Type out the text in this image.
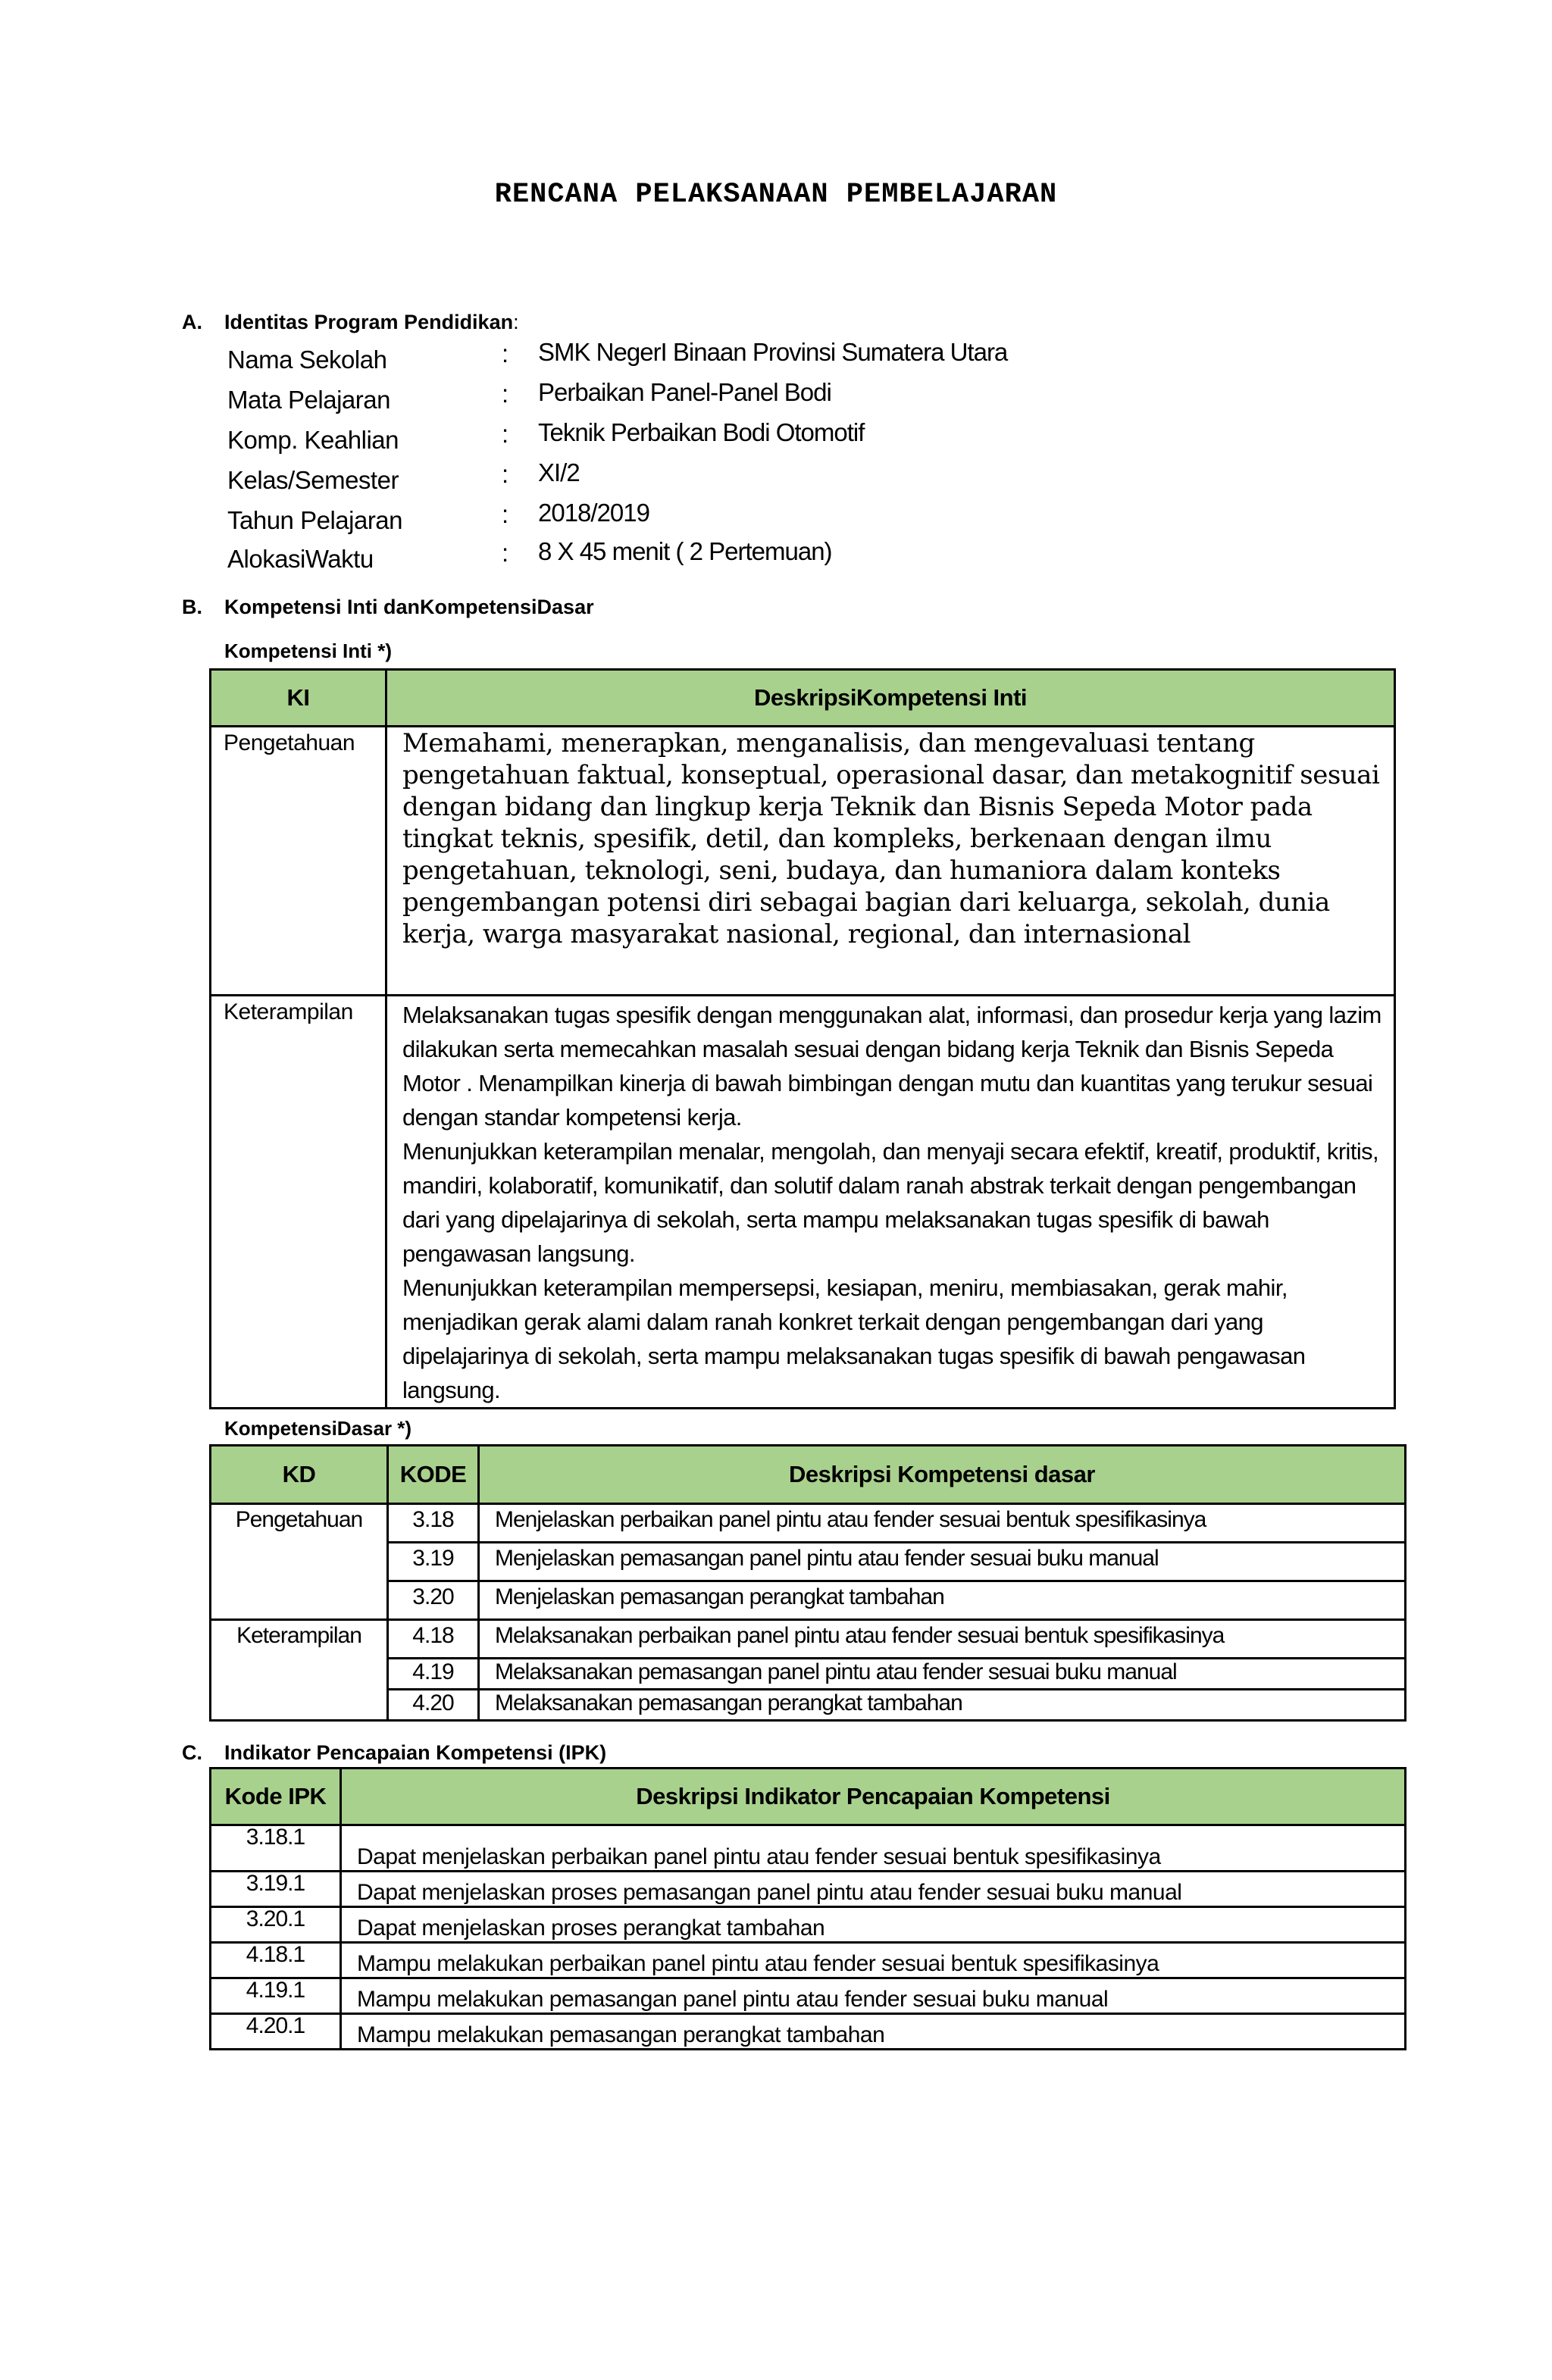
RENCANA PELAKSANAAN PEMBELAJARAN
A. Identitas Program Pendidikan:
Nama Sekolah	: SMK NegerI Binaan Provinsi Sumatera Utara
Mata Pelajaran	: Perbaikan Panel-Panel Bodi
Komp. Keahlian	: Teknik Perbaikan Bodi Otomotif
Kelas/Semester	: XI/2
Tahun Pelajaran	: 2018/2019
AlokasiWaktu	: 8 X 45 menit ( 2 Pertemuan)
B. Kompetensi Inti danKompetensiDasar
Kompetensi Inti *)
KI	DeskripsiKompetensi Inti
Pengetahuan	Memahami, menerapkan, menganalisis, dan mengevaluasi tentang pengetahuan faktual, konseptual, operasional dasar, dan metakognitif sesuai dengan bidang dan lingkup kerja Teknik dan Bisnis Sepeda Motor pada tingkat teknis, spesifik, detil, dan kompleks, berkenaan dengan ilmu pengetahuan, teknologi, seni, budaya, dan humaniora dalam konteks pengembangan potensi diri sebagai bagian dari keluarga, sekolah, dunia kerja, warga masyarakat nasional, regional, dan internasional

Keterampilan	Melaksanakan tugas spesifik dengan menggunakan alat, informasi, dan prosedur kerja yang lazim dilakukan serta memecahkan masalah sesuai dengan bidang kerja Teknik dan Bisnis Sepeda Motor . Menampilkan kinerja di bawah bimbingan dengan mutu dan kuantitas yang terukur sesuai dengan standar kompetensi kerja.
Menunjukkan keterampilan menalar, mengolah, dan menyaji secara efektif, kreatif, produktif, kritis, mandiri, kolaboratif, komunikatif, dan solutif dalam ranah abstrak terkait dengan pengembangan dari yang dipelajarinya di sekolah, serta mampu melaksanakan tugas spesifik di bawah pengawasan langsung.
Menunjukkan keterampilan mempersepsi, kesiapan, meniru, membiasakan, gerak mahir, menjadikan gerak alami dalam ranah konkret terkait dengan pengembangan dari yang dipelajarinya di sekolah, serta mampu melaksanakan tugas spesifik di bawah pengawasan langsung.
KompetensiDasar *)
KD	KODE	Deskripsi Kompetensi dasar
Pengetahuan	3.18	Menjelaskan perbaikan panel pintu atau fender sesuai bentuk spesifikasinya
	3.19	Menjelaskan pemasangan panel pintu atau fender sesuai buku manual
	3.20	Menjelaskan pemasangan perangkat tambahan
Keterampilan	4.18	Melaksanakan perbaikan panel pintu atau fender sesuai bentuk spesifikasinya
	4.19	Melaksanakan pemasangan panel pintu atau fender sesuai buku manual
	4.20	Melaksanakan pemasangan perangkat tambahan
C. Indikator Pencapaian Kompetensi (IPK)
Kode IPK	Deskripsi Indikator Pencapaian Kompetensi
3.18.1	Dapat menjelaskan perbaikan panel pintu atau fender sesuai bentuk spesifikasinya
3.19.1	Dapat menjelaskan proses pemasangan panel pintu atau fender sesuai buku manual
3.20.1	Dapat menjelaskan proses perangkat tambahan
4.18.1	Mampu melakukan perbaikan panel pintu atau fender sesuai bentuk spesifikasinya
4.19.1	Mampu melakukan pemasangan panel pintu atau fender sesuai buku manual
4.20.1	Mampu melakukan pemasangan perangkat tambahan
